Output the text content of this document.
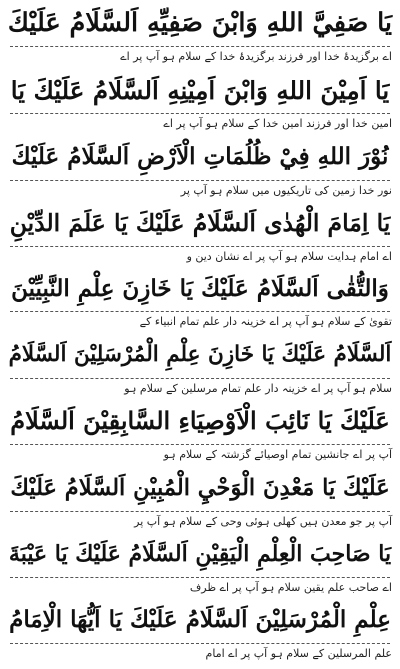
يَا صَفِيَّ اللهِ وَابْنَ صَفِيِّهِ اَلسَّلَامُ عَلَيْكَ
اے برگزیدۂ خدا اور فرزند برگزیدۂ خدا کے سلام ہو آپ پر اے
يَا اَمِيْنَ اللهِ وَابْنَ اَمِيْنِهِ اَلسَّلَامُ عَلَيْكَ يَا
امین خدا اور فرزند امین خدا کے سلام ہو آپ پر اے
نُوْرَ اللهِ فِيْ ظُلُمَاتِ الْاَرْضِ اَلسَّلَامُ عَلَيْكَ
نور خدا زمین کی تاریکیوں میں سلام ہو آپ پر
يَا اِمَامَ الْهُدٰى اَلسَّلَامُ عَلَيْكَ يَا عَلَمَ الدِّيْنِ
اے امام ہدایت سلام ہو آپ پر اے نشان دین و
وَالتُّقٰى اَلسَّلَامُ عَلَيْكَ يَا خَازِنَ عِلْمِ النَّبِيِّيْنَ
تقویٰ کے سلام ہو آپ پر اے خزینہ دار علم تمام انبیاء کے
اَلسَّلَامُ عَلَيْكَ يَا خَازِنَ عِلْمِ الْمُرْسَلِيْنَ اَلسَّلَامُ
سلام ہو آپ پر اے خزینہ دار علم تمام مرسلین کے سلام ہو
عَلَيْكَ يَا نَائِبَ الْاَوْصِيَاءِ السَّابِقِيْنَ اَلسَّلَامُ
آپ پر اے جانشین تمام اوصیائے گزشتہ کے سلام ہو
عَلَيْكَ يَا مَعْدِنَ الْوَحْيِ الْمُبِيْنِ اَلسَّلَامُ عَلَيْكَ
آپ پر جو معدن ہیں کھلی ہوئی وحی کے سلام ہو آپ پر
يَا صَاحِبَ الْعِلْمِ الْيَقِيْنِ اَلسَّلَامُ عَلَيْكَ يَا عَيْبَةَ
اے صاحب علم یقین سلام ہو آپ پر اے ظرف
عِلْمِ الْمُرْسَلِيْنَ اَلسَّلَامُ عَلَيْكَ يَا اَيُّهَا الْاِمَامُ
علم المرسلین کے سلام ہو آپ پر اے امام
